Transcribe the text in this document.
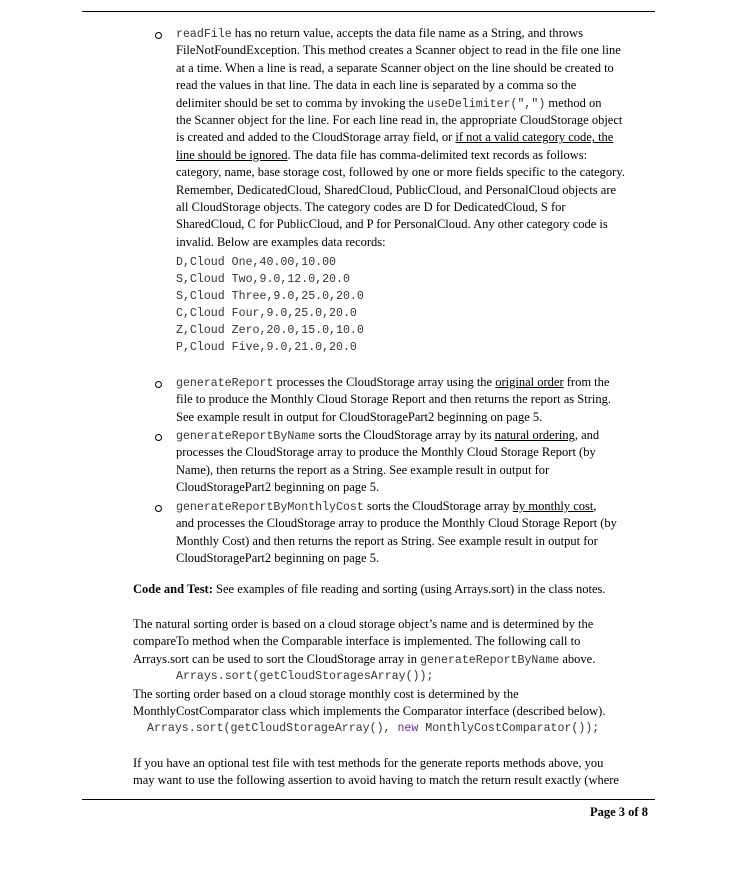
readFile has no return value, accepts the data file name as a String, and throws
FileNotFoundException. This method creates a Scanner object to read in the file one line
at a time. When a line is read, a separate Scanner object on the line should be created to
read the values in that line. The data in each line is separated by a comma so the
delimiter should be set to comma by invoking the useDelimiter(",") method on
the Scanner object for the line. For each line read in, the appropriate CloudStorage object
is created and added to the CloudStorage array field, or if not a valid category code, the
line should be ignored. The data file has comma-delimited text records as follows:
category, name, base storage cost, followed by one or more fields specific to the category.
Remember, DedicatedCloud, SharedCloud, PublicCloud, and PersonalCloud objects are
all CloudStorage objects. The category codes are D for DedicatedCloud, S for
SharedCloud, C for PublicCloud, and P for PersonalCloud. Any other category code is
invalid. Below are examples data records:
D,Cloud One,40.00,10.00
S,Cloud Two,9.0,12.0,20.0
S,Cloud Three,9.0,25.0,20.0
C,Cloud Four,9.0,25.0,20.0
Z,Cloud Zero,20.0,15.0,10.0
P,Cloud Five,9.0,21.0,20.0
generateReport processes the CloudStorage array using the original order from the
file to produce the Monthly Cloud Storage Report and then returns the report as String.
See example result in output for CloudStoragePart2 beginning on page 5.
generateReportByName sorts the CloudStorage array by its natural ordering, and
processes the CloudStorage array to produce the Monthly Cloud Storage Report (by
Name), then returns the report as a String. See example result in output for
CloudStoragePart2 beginning on page 5.
generateReportByMonthlyCost sorts the CloudStorage array by monthly cost,
and processes the CloudStorage array to produce the Monthly Cloud Storage Report (by
Monthly Cost) and then returns the report as String. See example result in output for
CloudStoragePart2 beginning on page 5.
Code and Test: See examples of file reading and sorting (using Arrays.sort) in the class notes.
The natural sorting order is based on a cloud storage object’s name and is determined by the
compareTo method when the Comparable interface is implemented. The following call to
Arrays.sort can be used to sort the CloudStorage array in generateReportByName above.
Arrays.sort(getCloudStoragesArray());
The sorting order based on a cloud storage monthly cost is determined by the
MonthlyCostComparator class which implements the Comparator interface (described below).
Arrays.sort(getCloudStorageArray(), new MonthlyCostComparator());
If you have an optional test file with test methods for the generate reports methods above, you
may want to use the following assertion to avoid having to match the return result exactly (where
Page 3 of 8
